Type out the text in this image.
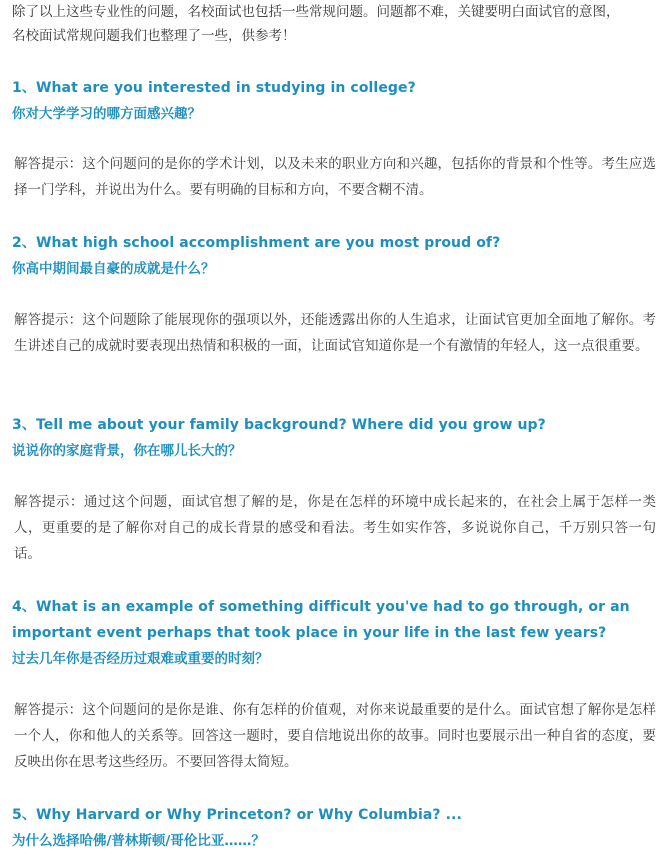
除了以上这些专业性的问题，名校面试也包括一些常规问题。问题都不难，关键要明白面试官的意图，
名校面试常规问题我们也整理了一些，供参考！
1、What are you interested in studying in college?
你对大学学习的哪方面感兴趣？
解答提示：这个问题问的是你的学术计划，以及未来的职业方向和兴趣，包括你的背景和个性等。考生应选择一门学科，并说出为什么。要有明确的目标和方向，不要含糊不清。
2、What high school accomplishment are you most proud of?
你高中期间最自豪的成就是什么？
解答提示：这个问题除了能展现你的强项以外，还能透露出你的人生追求，让面试官更加全面地了解你。考生讲述自己的成就时要表现出热情和积极的一面，让面试官知道你是一个有激情的年轻人，这一点很重要。
3、Tell me about your family background? Where did you grow up?
说说你的家庭背景，你在哪儿长大的？
解答提示：通过这个问题，面试官想了解的是，你是在怎样的环境中成长起来的，在社会上属于怎样一类人，更重要的是了解你对自己的成长背景的感受和看法。考生如实作答，多说说你自己，千万别只答一句话。
4、What is an example of something difficult you've had to go through, or an important event perhaps that took place in your life in the last few years?
过去几年你是否经历过艰难或重要的时刻？
解答提示：这个问题问的是你是谁、你有怎样的价值观，对你来说最重要的是什么。面试官想了解你是怎样一个人，你和他人的关系等。回答这一题时，要自信地说出你的故事。同时也要展示出一种自省的态度，要反映出你在思考这些经历。不要回答得太简短。
5、Why Harvard or Why Princeton? or Why Columbia? ...
为什么选择哈佛/普林斯顿/哥伦比亚……？
